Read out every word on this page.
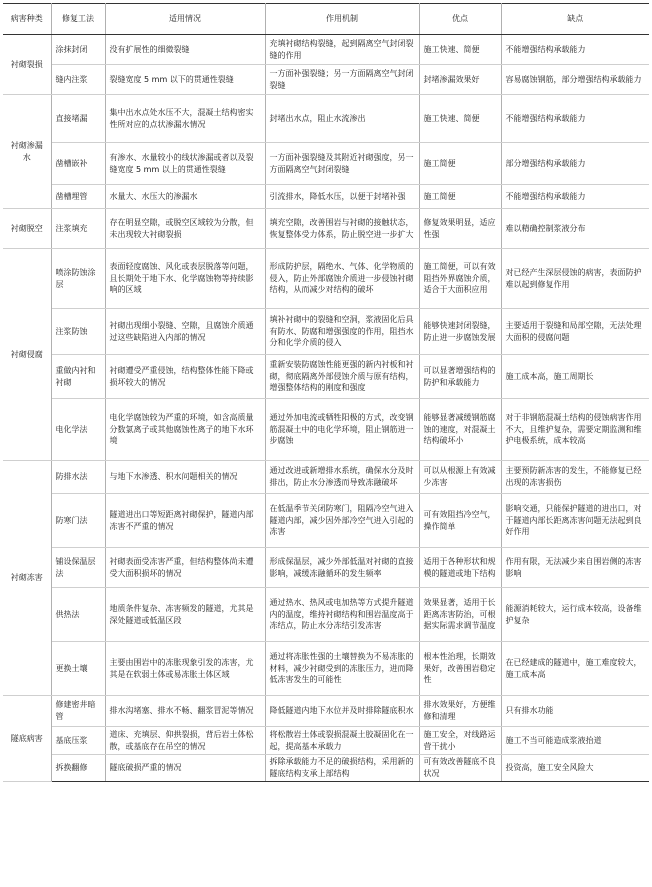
病害种类	修复工法	适用情况	作用机制	优点	缺点
衬砌裂损	涂抹封闭	没有扩展性的细微裂缝	充填衬砌结构裂缝，起到隔离空气封闭裂缝的作用	施工快速、简便	不能增强结构承载能力
	缝内注浆	裂缝宽度 5 mm 以下的贯通性裂缝	一方面补强裂缝；另一方面隔离空气封闭裂缝	封堵渗漏效果好	容易腐蚀钢筋，部分增强结构承载能力
衬砌渗漏水	直接堵漏	集中出水点处水压不大，混凝土结构密实性所对应的点状渗漏水情况	封堵出水点，阻止水流渗出	施工快速、简便	不能增强结构承载能力
	凿槽嵌补	有渗水、水量较小的线状渗漏或者以及裂缝宽度 5 mm 以上的贯通性裂缝	一方面补强裂缝及其附近衬砌强度，另一方面隔离空气封闭裂缝	施工简便	部分增强结构承载能力
	凿槽埋管	水量大、水压大的渗漏水	引流排水，降低水压，以便于封堵补强	施工简便	不能增强结构承载能力
衬砌脱空	注浆填充	存在明显空隙，或脱空区域较为分散，但未出现较大衬砌裂损	填充空隙，改善围岩与衬砌的接触状态，恢复整体受力体系，防止脱空进一步扩大	修复效果明显，适应性强	难以精确控制浆液分布
衬砌侵腐	喷涂防蚀涂层	表面轻度腐蚀、风化或表层脱落等问题，且长期处于地下水、化学腐蚀物等持续影响的区域	形成防护层，隔绝水、气体、化学物质的侵入，防止外部腐蚀介质进一步侵蚀衬砌结构，从而减少对结构的破坏	施工简便，可以有效阻挡外界腐蚀介质，适合于大面积应用	对已经产生深层侵蚀的病害，表面防护难以起到修复作用
	注浆防蚀	衬砌出现细小裂缝、空隙，且腐蚀介质通过这些缺陷进入内部的情况	填补衬砌中的裂缝和空洞，浆液固化后具有防水、防腐和增强强度的作用，阻挡水分和化学介质的侵入	能够快速封闭裂缝，防止进一步腐蚀发展	主要适用于裂缝和局部空隙，无法处理大面积的侵腐问题
	重做内衬和衬砌	衬砌遭受严重侵蚀，结构整体性能下降或损坏较大的情况	重新安装防腐蚀性能更强的新内衬板和衬砌，彻底隔离外部侵蚀介质与原有结构，增强整体结构的刚度和强度	可以显著增强结构的防护和承载能力	施工成本高，施工周期长
	电化学法	电化学腐蚀较为严重的环境，如含高质量分数氯离子或其他腐蚀性离子的地下水环境	通过外加电流或牺牲阳极的方式，改变钢筋混凝土中的电化学环境，阻止钢筋进一步腐蚀	能够显著减缓钢筋腐蚀的速度，对混凝土结构破坏小	对于非钢筋混凝土结构的侵蚀病害作用不大，且维护复杂，需要定期监测和维护电极系统，成本较高
衬砌冻害	防排水法	与地下水渗透、积水问题相关的情况	通过改进或新增排水系统，确保水分及时排出，防止水分渗透而导致冻融破坏	可以从根源上有效减少冻害	主要预防新冻害的发生，不能修复已经出现的冻害损伤
	防寒门法	隧道进出口等短距离衬砌保护，隧道内部冻害不严重的情况	在低温季节关闭防寒门，阻隔冷空气进入隧道内部，减少因外部冷空气进入引起的冻害	可有效阻挡冷空气，操作简单	影响交通，只能保护隧道的进出口，对于隧道内部长距离冻害问题无法起到良好作用
	铺设保温层法	衬砌表面受冻害严重，但结构整体尚未遭受大面积损坏的情况	形成保温层，减少外部低温对衬砌的直接影响，减缓冻融循环的发生频率	适用于各种形状和规模的隧道或地下结构	作用有限，无法减少来自围岩侧的冻害影响
	供热法	地质条件复杂、冻害频发的隧道，尤其是深处隧道或低温区段	通过热水、热风或电加热等方式提升隧道内的温度，维持衬砌结构和围岩温度高于冻结点，防止水分冻结引发冻害	效果显著，适用于长距离冻害防治，可根据实际需求调节温度	能源消耗较大，运行成本较高，设备维护复杂
	更换土壤	主要由围岩中的冻胀现象引发的冻害，尤其是在软弱土体或易冻胀土体区域	通过将冻胀性强的土壤替换为不易冻胀的材料，减少衬砌受到的冻胀压力，进而降低冻害发生的可能性	根本性治理，长期效果好，改善围岩稳定性	在已经建成的隧道中，施工难度较大，施工成本高
隧底病害	修建密井暗管	排水沟堵塞、排水不畅、翻浆冒泥等情况	降低隧道内地下水位并及时排除隧底积水	排水效果好，方便维修和清理	只有排水功能
	基底压浆	道床、充填层、仰拱裂损，背后岩土体松散，或基底存在吊空的情况	将松散岩土体或裂损混凝土胶凝固化在一起，提高基本承载力	施工安全，对线路运营干扰小	施工不当可能造成浆液抬道
	拆换翻修	隧底破损严重的情况	拆除承载能力不足的破损结构，采用新的隧底结构支承上部结构	可有效改善隧底不良状况	投资高，施工安全风险大
